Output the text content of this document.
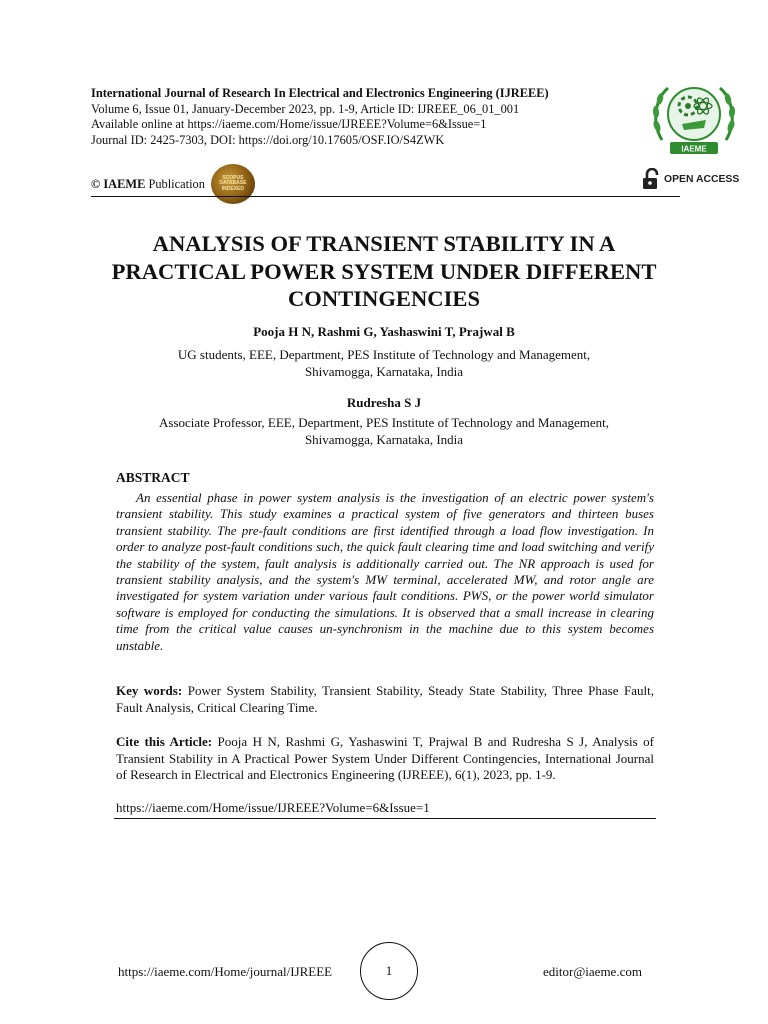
International Journal of Research In Electrical and Electronics Engineering (IJREEE)
Volume 6, Issue 01, January-December 2023, pp. 1-9, Article ID: IJREEE_06_01_001
Available online at https://iaeme.com/Home/issue/IJREEE?Volume=6&Issue=1
Journal ID: 2425-7303, DOI: https://doi.org/10.17605/OSF.IO/S4ZWK
© IAEME Publication	SCOPUS
DATABASE
INDEXED
IAEME
OPEN ACCESS
ANALYSIS OF TRANSIENT STABILITY IN A PRACTICAL POWER SYSTEM UNDER DIFFERENT CONTINGENCIES
Pooja H N, Rashmi G, Yashaswini T, Prajwal B
UG students, EEE, Department, PES Institute of Technology and Management,
Shivamogga, Karnataka, India
Rudresha S J
Associate Professor, EEE, Department, PES Institute of Technology and Management,
Shivamogga, Karnataka, India
ABSTRACT
An essential phase in power system analysis is the investigation of an electric power system's transient stability. This study examines a practical system of five generators and thirteen buses transient stability. The pre-fault conditions are first identified through a load flow investigation. In order to analyze post-fault conditions such, the quick fault clearing time and load switching and verify the stability of the system, fault analysis is additionally carried out. The NR approach is used for transient stability analysis, and the system's MW terminal, accelerated MW, and rotor angle are investigated for system variation under various fault conditions. PWS, or the power world simulator software is employed for conducting the simulations. It is observed that a small increase in clearing time from the critical value causes un-synchronism in the machine due to this system becomes unstable.
Key words: Power System Stability, Transient Stability, Steady State Stability, Three Phase Fault, Fault Analysis, Critical Clearing Time.
Cite this Article: Pooja H N, Rashmi G, Yashaswini T, Prajwal B and Rudresha S J, Analysis of Transient Stability in A Practical Power System Under Different Contingencies, International Journal of Research in Electrical and Electronics Engineering (IJREEE), 6(1), 2023, pp. 1-9.
https://iaeme.com/Home/issue/IJREEE?Volume=6&Issue=1
https://iaeme.com/Home/journal/IJREEE	1	editor@iaeme.com
